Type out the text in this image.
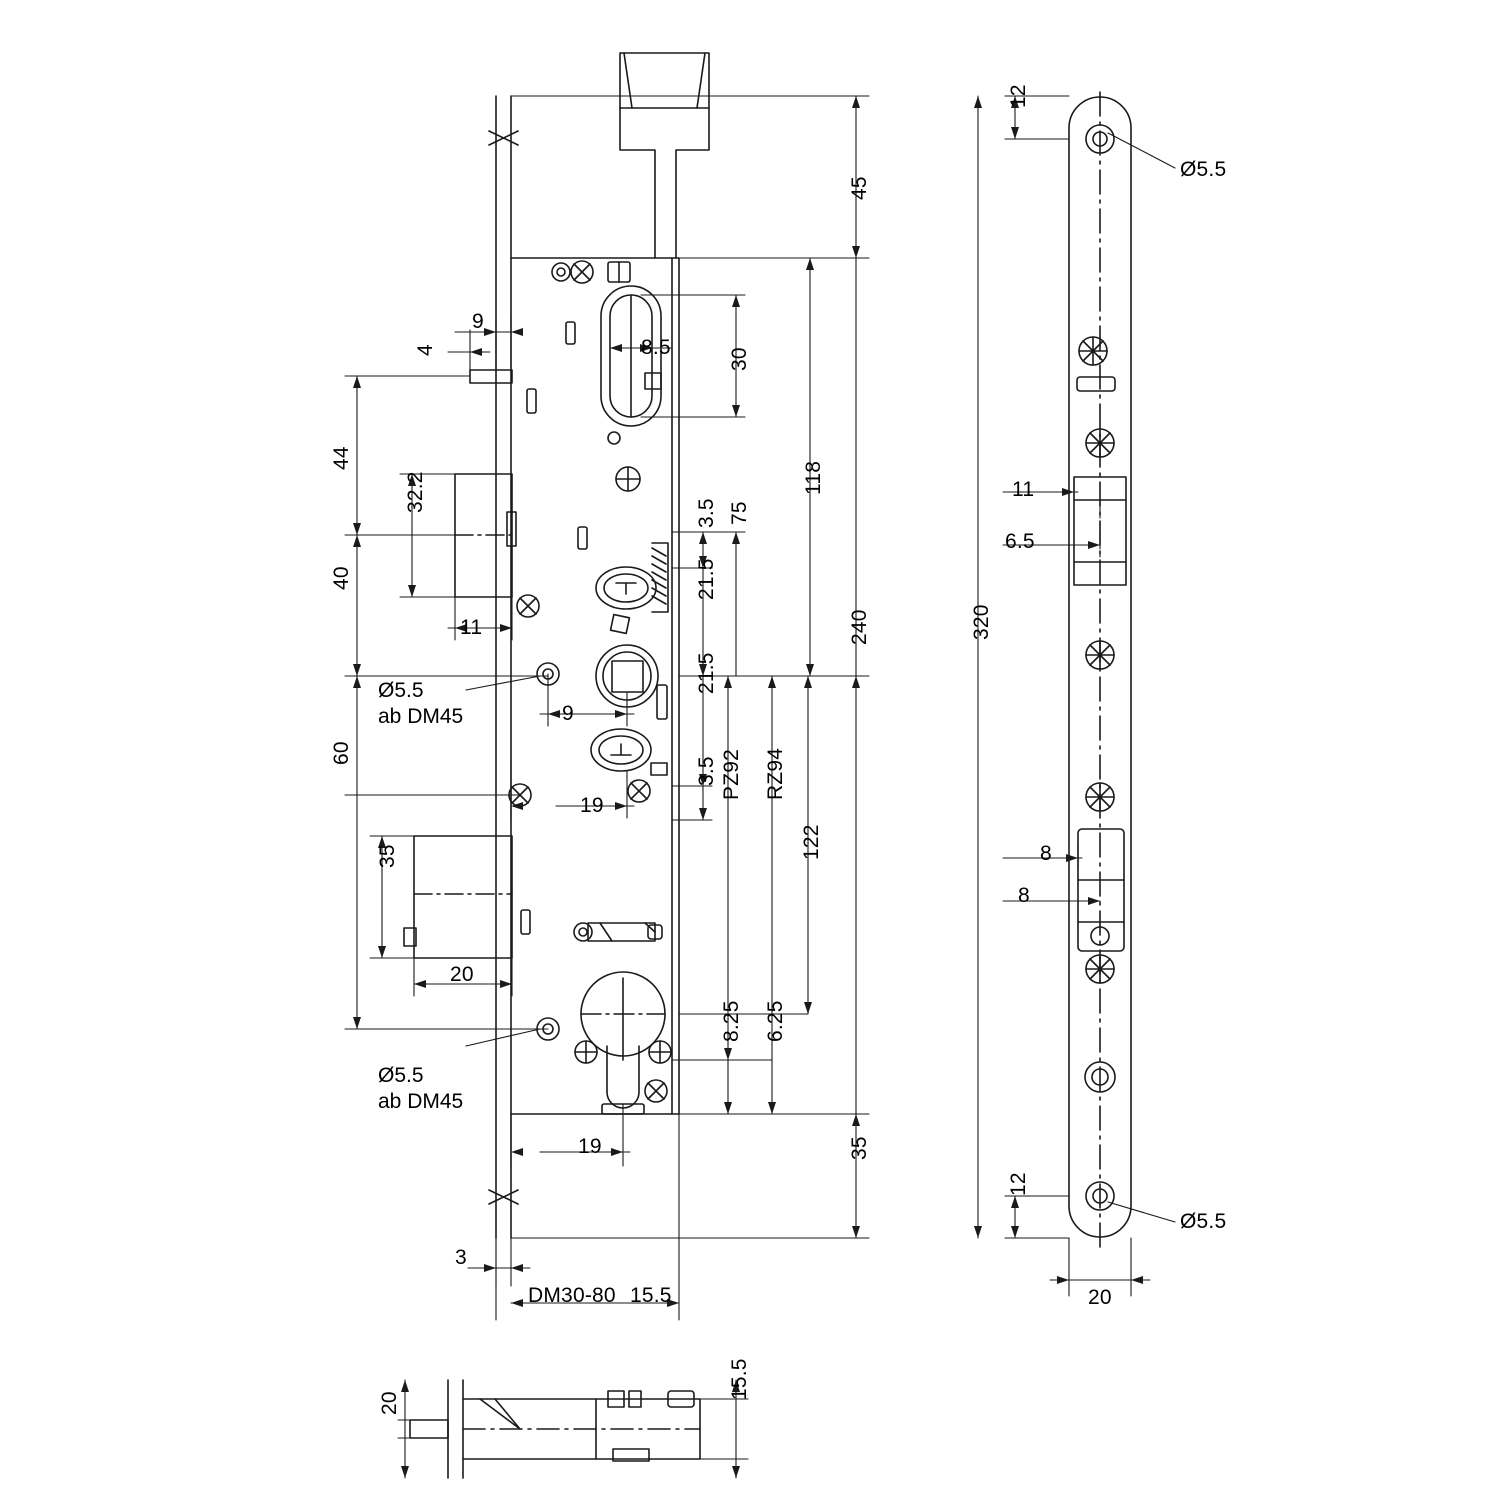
45
4
9
8.5	30
118
44
32.2
40
11
3.5 75
21.5
240
21.5
60
9
19
3.5 PZ92 RZ94
122
35
20
8.25 6.25
19	35
3
DM30-80 15.5
Ø5.5
ab DM45
Ø5.5
ab DM45
12
320
11
6.5
8
8
12
20
Ø5.5
Ø5.5
20
15.5
